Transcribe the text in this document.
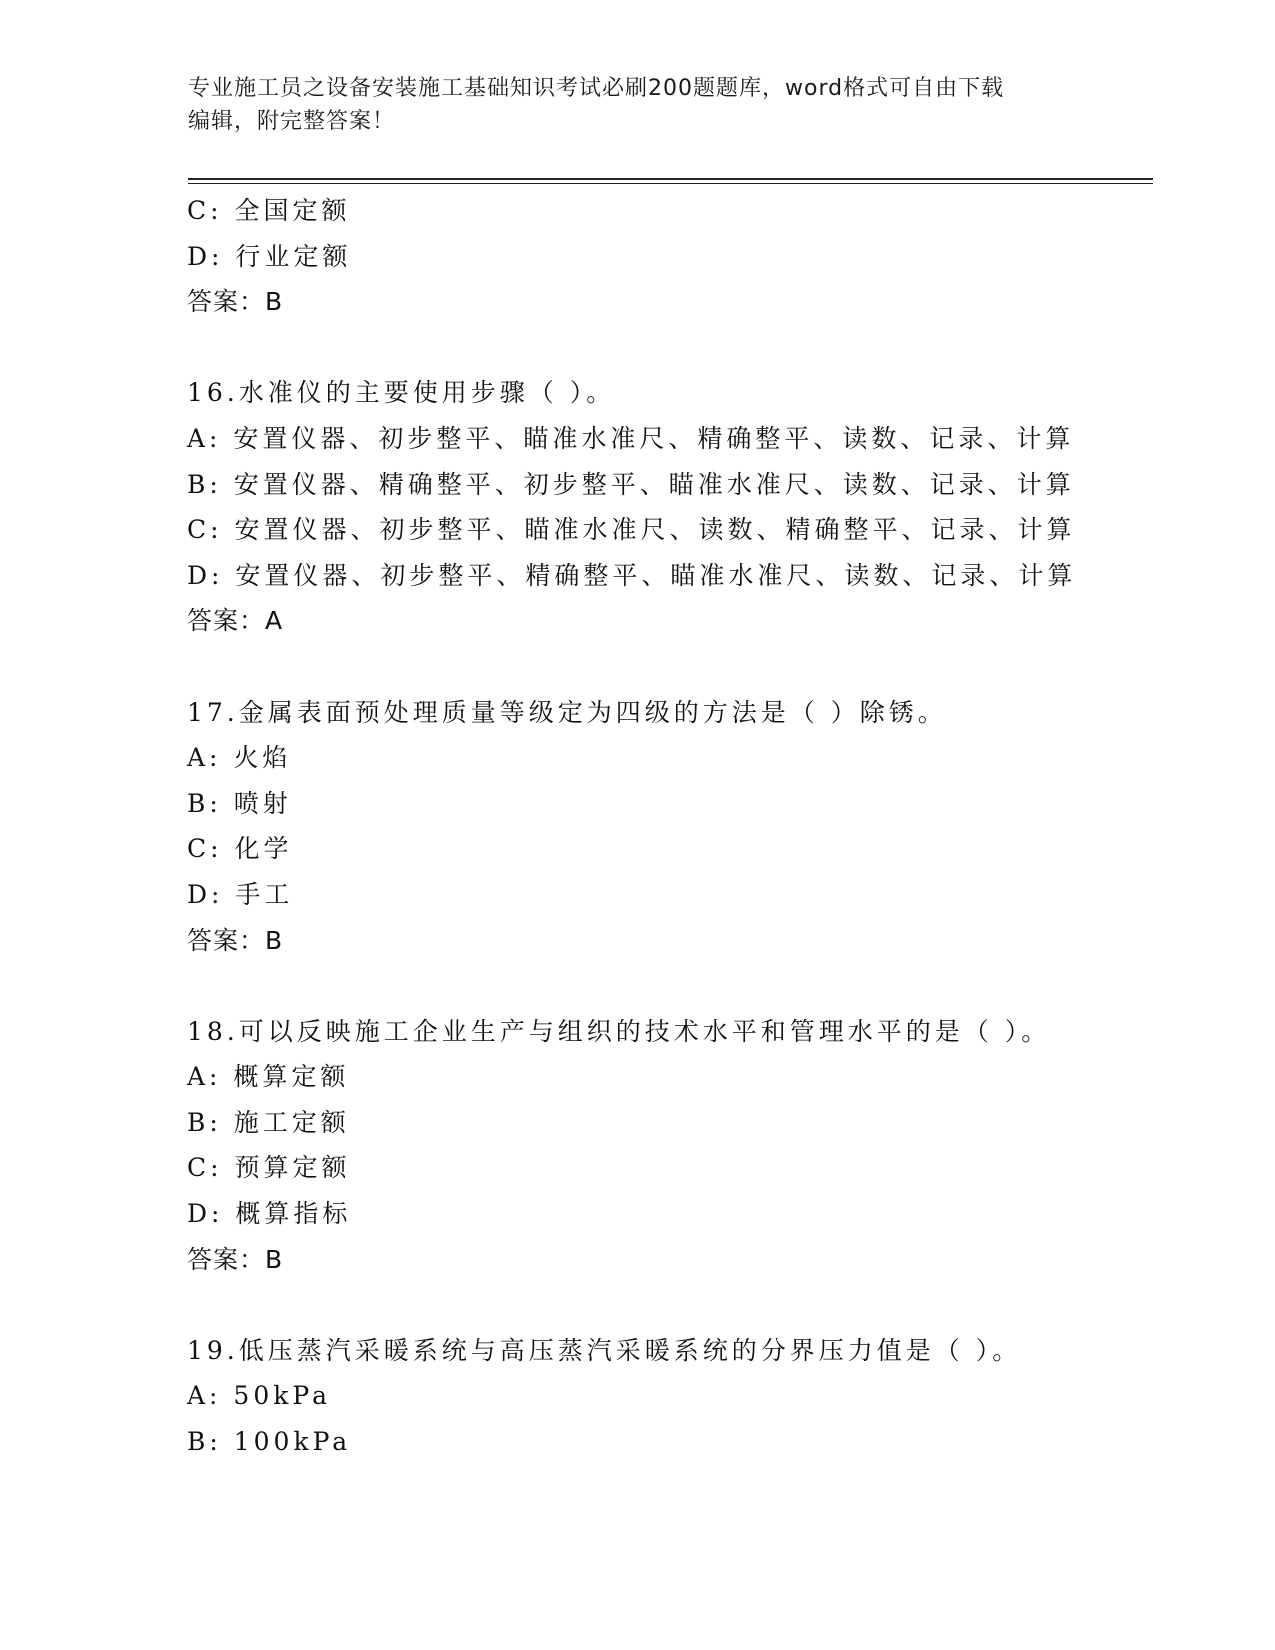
专业施工员之设备安装施工基础知识考试必刷200题题库，word格式可自由下载
编辑，附完整答案！
C: 全国定额
D: 行业定额
答案：B
16.水准仪的主要使用步骤（ ）。
A: 安置仪器、初步整平、瞄准水准尺、精确整平、读数、记录、计算
B: 安置仪器、精确整平、初步整平、瞄准水准尺、读数、记录、计算
C: 安置仪器、初步整平、瞄准水准尺、读数、精确整平、记录、计算
D: 安置仪器、初步整平、精确整平、瞄准水准尺、读数、记录、计算
答案：A
17.金属表面预处理质量等级定为四级的方法是（ ）除锈。
A: 火焰
B: 喷射
C: 化学
D: 手工
答案：B
18.可以反映施工企业生产与组织的技术水平和管理水平的是（ ）。
A: 概算定额
B: 施工定额
C: 预算定额
D: 概算指标
答案：B
19.低压蒸汽采暖系统与高压蒸汽采暖系统的分界压力值是（ ）。
A: 50kPa
B: 100kPa
